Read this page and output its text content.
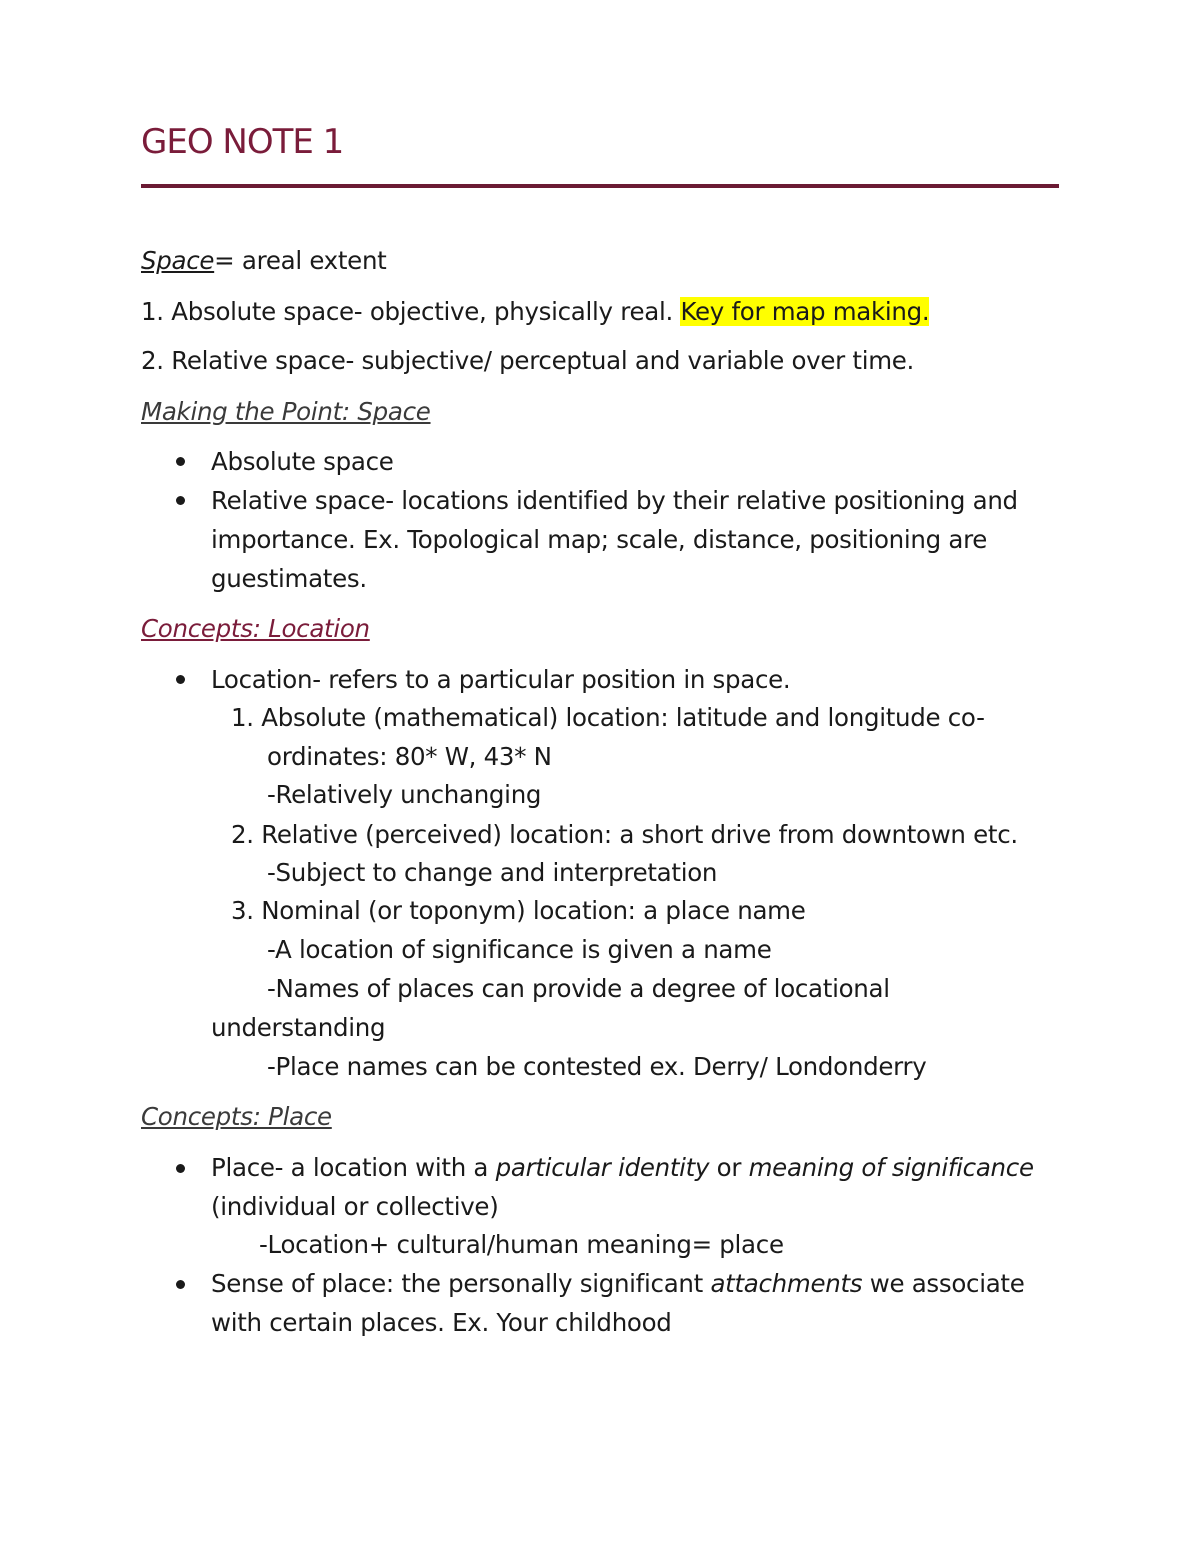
GEO NOTE 1
Space= areal extent
1. Absolute space- objective, physically real. Key for map making.
2. Relative space- subjective/ perceptual and variable over time.
Making the Point: Space
Absolute space
Relative space- locations identified by their relative positioning and
importance. Ex. Topological map; scale, distance, positioning are
guestimates.
Concepts: Location
Location- refers to a particular position in space.
1. Absolute (mathematical) location: latitude and longitude co-
ordinates: 80* W, 43* N
-Relatively unchanging
2. Relative (perceived) location: a short drive from downtown etc.
-Subject to change and interpretation
3. Nominal (or toponym) location: a place name
-A location of significance is given a name
-Names of places can provide a degree of locational
understanding
-Place names can be contested ex. Derry/ Londonderry
Concepts: Place
Place- a location with a particular identity or meaning of significance
(individual or collective)
-Location+ cultural/human meaning= place
Sense of place: the personally significant attachments we associate
with certain places. Ex. Your childhood
